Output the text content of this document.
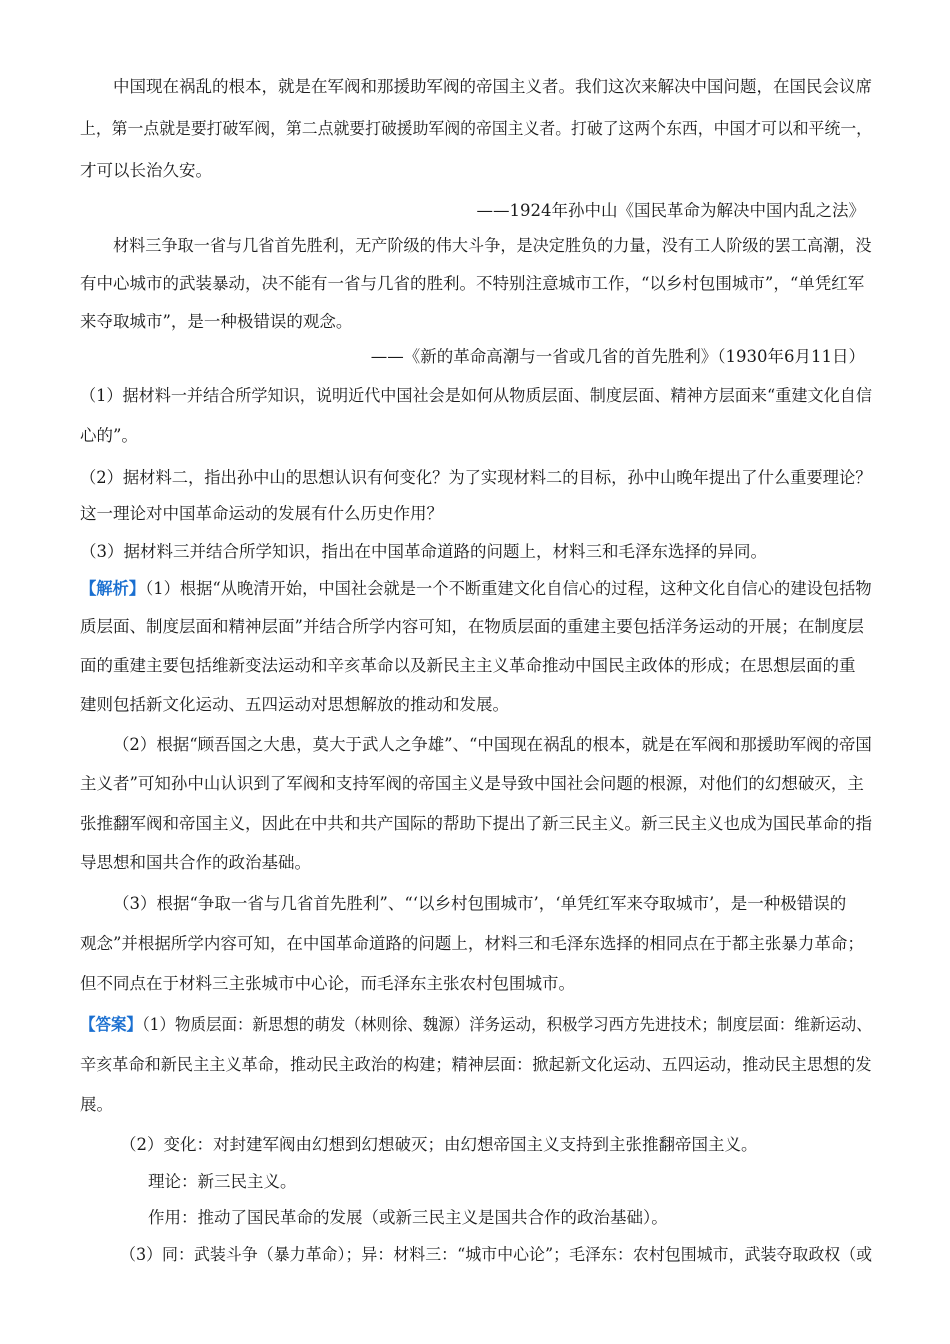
中国现在祸乱的根本，就是在军阀和那援助军阀的帝国主义者。我们这次来解决中国问题，在国民会议席
上，第一点就是要打破军阀，第二点就要打破援助军阀的帝国主义者。打破了这两个东西，中国才可以和平统一，
才可以长治久安。
——1924年孙中山《国民革命为解决中国内乱之法》
材料三争取一省与几省首先胜利，无产阶级的伟大斗争，是决定胜负的力量，没有工人阶级的罢工高潮，没
有中心城市的武装暴动，决不能有一省与几省的胜利。不特别注意城市工作，“以乡村包围城市”，“单凭红军
来夺取城市”，是一种极错误的观念。
——《新的革命高潮与一省或几省的首先胜利》（1930年6月11日）
（1）据材料一并结合所学知识，说明近代中国社会是如何从物质层面、制度层面、精神方层面来“重建文化自信
心的”。
（2）据材料二，指出孙中山的思想认识有何变化？为了实现材料二的目标，孙中山晚年提出了什么重要理论？
这一理论对中国革命运动的发展有什么历史作用？
（3）据材料三并结合所学知识，指出在中国革命道路的问题上，材料三和毛泽东选择的异同。
【解析】（1）根据“从晚清开始，中国社会就是一个不断重建文化自信心的过程，这种文化自信心的建设包括物
质层面、制度层面和精神层面”并结合所学内容可知，在物质层面的重建主要包括洋务运动的开展；在制度层
面的重建主要包括维新变法运动和辛亥革命以及新民主主义革命推动中国民主政体的形成；在思想层面的重
建则包括新文化运动、五四运动对思想解放的推动和发展。
（2）根据“顾吾国之大患，莫大于武人之争雄”、“中国现在祸乱的根本，就是在军阀和那援助军阀的帝国
主义者”可知孙中山认识到了军阀和支持军阀的帝国主义是导致中国社会问题的根源，对他们的幻想破灭，主
张推翻军阀和帝国主义，因此在中共和共产国际的帮助下提出了新三民主义。新三民主义也成为国民革命的指
导思想和国共合作的政治基础。
（3）根据“争取一省与几省首先胜利”、“‘以乡村包围城市’，‘单凭红军来夺取城市’，是一种极错误的
观念”并根据所学内容可知，在中国革命道路的问题上，材料三和毛泽东选择的相同点在于都主张暴力革命；
但不同点在于材料三主张城市中心论，而毛泽东主张农村包围城市。
【答案】（1）物质层面：新思想的萌发（林则徐、魏源）洋务运动，积极学习西方先进技术；制度层面：维新运动、
辛亥革命和新民主主义革命，推动民主政治的构建；精神层面：掀起新文化运动、五四运动，推动民主思想的发
展。
（2）变化：对封建军阀由幻想到幻想破灭；由幻想帝国主义支持到主张推翻帝国主义。
理论：新三民主义。
作用：推动了国民革命的发展（或新三民主义是国共合作的政治基础）。
（3）同：武装斗争（暴力革命）；异：材料三：“城市中心论”；毛泽东：农村包围城市，武装夺取政权（或
